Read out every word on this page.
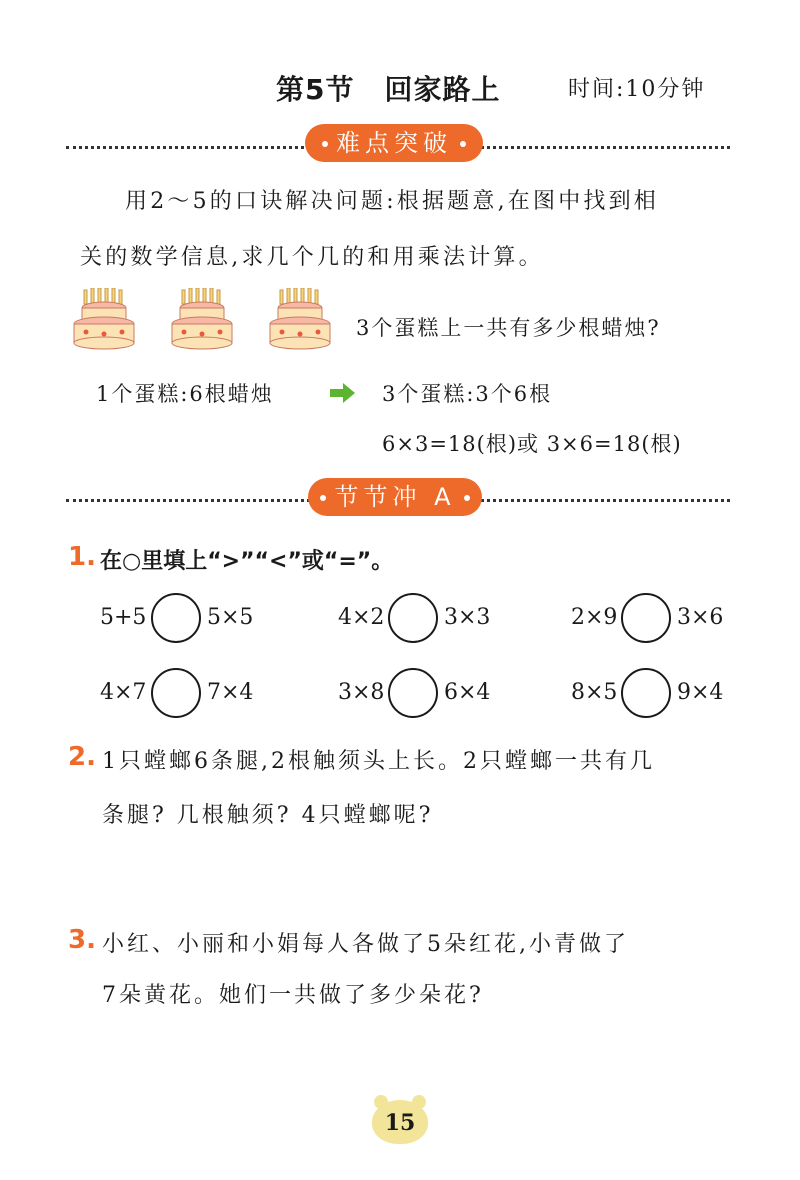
第5节 回家路上	时间:10分钟
难点突破
用2～5的口诀解决问题:根据题意,在图中找到相
关的数学信息,求几个几的和用乘法计算。
3个蛋糕上一共有多少根蜡烛?
1个蛋糕:6根蜡烛	3个蛋糕:3个6根
6×3=18(根)或 3×6=18(根)
节节冲 A
1. 在○里填上“>”“<”或“=”。
5+5	5×5	4×2	3×3	2×9	3×6
4×7	7×4	3×8	6×4	8×5	9×4
2. 1只螳螂6条腿,2根触须头上长。2只螳螂一共有几
条腿? 几根触须? 4只螳螂呢?
3. 小红、小丽和小娟每人各做了5朵红花,小青做了
7朵黄花。她们一共做了多少朵花?
15
